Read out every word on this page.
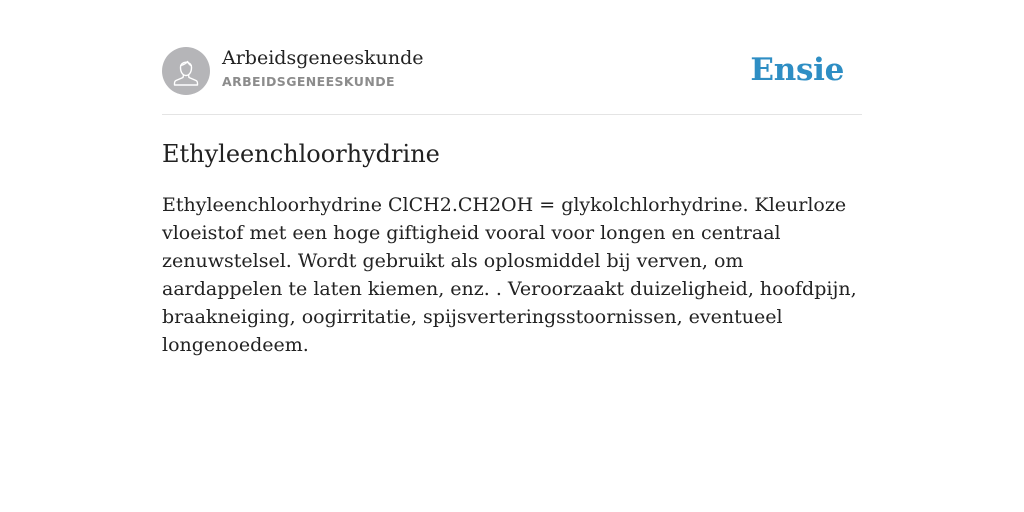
Arbeidsgeneeskunde
ARBEIDSGENEESKUNDE	Ensie
Ethyleenchloorhydrine

Ethyleenchloorhydrine ClCH2.CH2OH = glykolchlorhydrine. Kleurloze vloeistof met een hoge giftigheid vooral voor longen en centraal zenuwstelsel. Wordt gebruikt als oplosmiddel bij verven, om aardappelen te laten kiemen, enz. . Veroorzaakt duizeligheid, hoofdpijn, braakneiging, oogirritatie, spijsverteringsstoornissen, eventueel longenoedeem.
